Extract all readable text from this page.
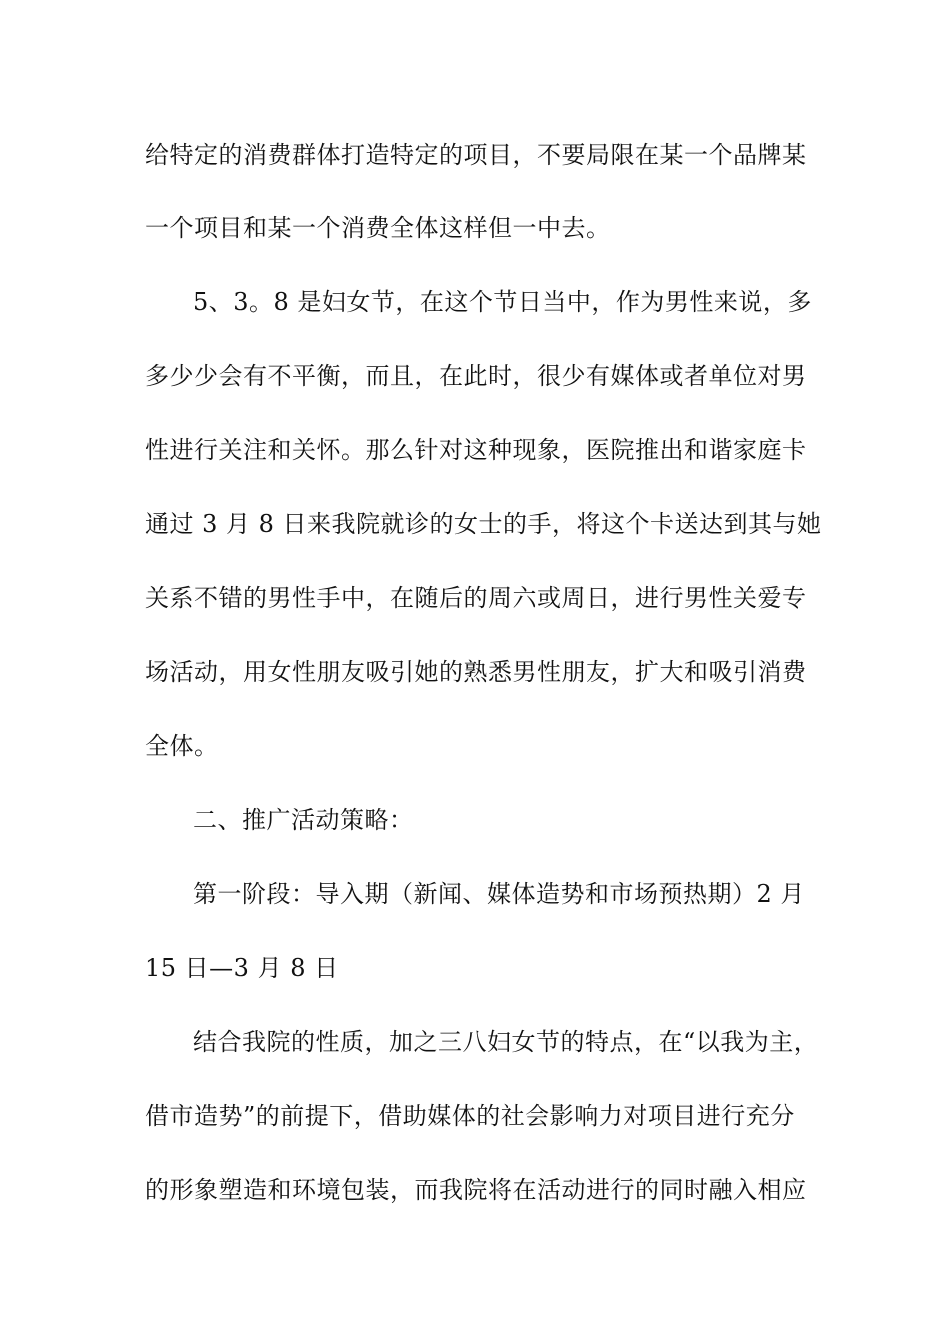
给特定的消费群体打造特定的项目，不要局限在某一个品牌某
一个项目和某一个消费全体这样但一中去。
5、3。8 是妇女节，在这个节日当中，作为男性来说，多
多少少会有不平衡，而且，在此时，很少有媒体或者单位对男
性进行关注和关怀。那么针对这种现象，医院推出和谐家庭卡
通过 3 月 8 日来我院就诊的女士的手，将这个卡送达到其与她
关系不错的男性手中，在随后的周六或周日，进行男性关爱专
场活动，用女性朋友吸引她的熟悉男性朋友，扩大和吸引消费
全体。
二、推广活动策略：
第一阶段：导入期（新闻、媒体造势和市场预热期）2 月
15 日—3 月 8 日
结合我院的性质，加之三八妇女节的特点，在“以我为主，
借市造势”的前提下，借助媒体的社会影响力对项目进行充分
的形象塑造和环境包装，而我院将在活动进行的同时融入相应
